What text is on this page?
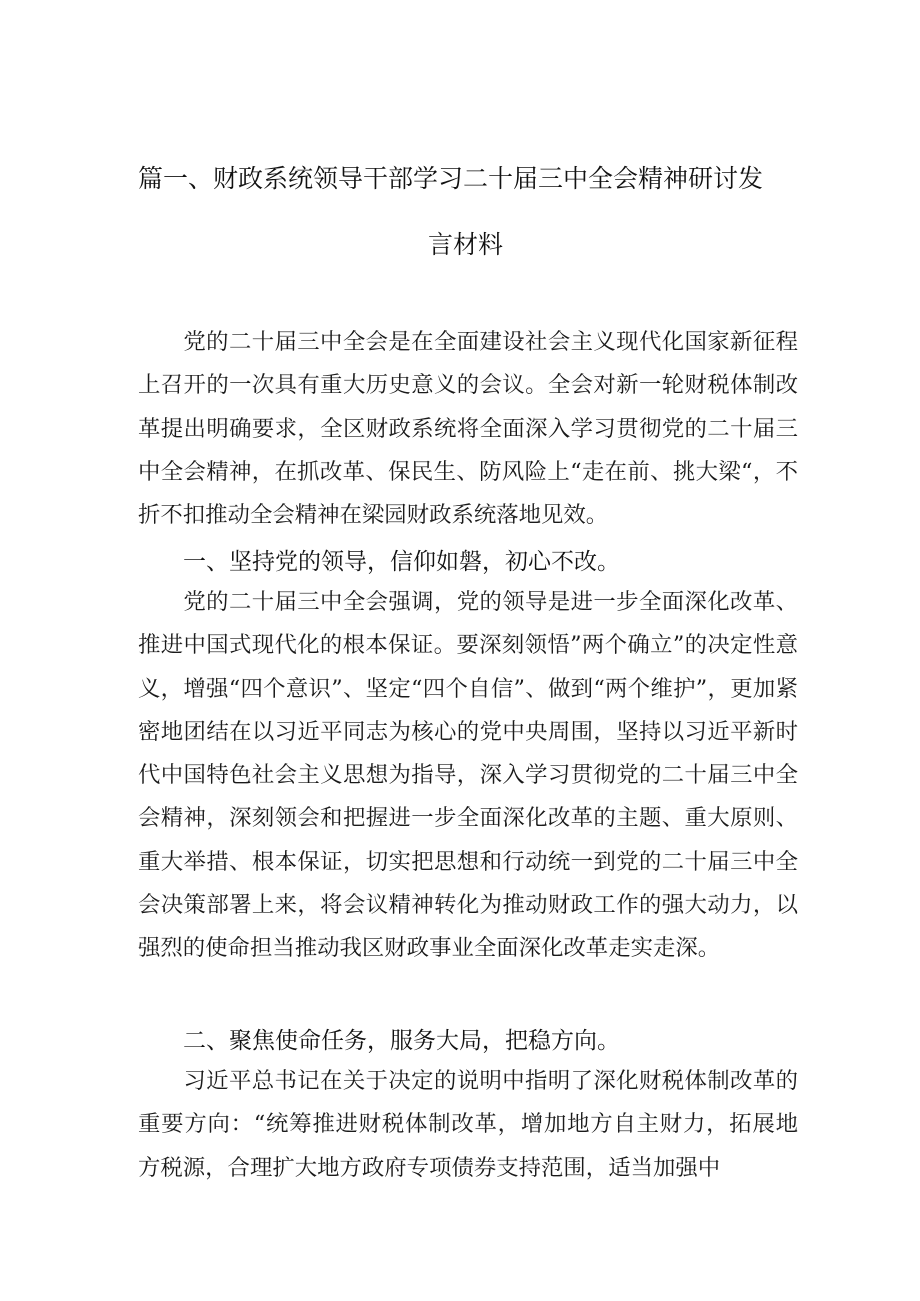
篇一、财政系统领导干部学习二十届三中全会精神研讨发
言材料

党的二十届三中全会是在全面建设社会主义现代化国家新征程上召开的一次具有重大历史意义的会议。全会对新一轮财税体制改革提出明确要求，全区财政系统将全面深入学习贯彻党的二十届三中全会精神，在抓改革、保民生、防风险上“走在前、挑大梁“，不折不扣推动全会精神在梁园财政系统落地见效。

一、坚持党的领导，信仰如磐，初心不改。

党的二十届三中全会强调，党的领导是进一步全面深化改革、推进中国式现代化的根本保证。要深刻领悟”两个确立”的决定性意义，增强“四个意识”、坚定“四个自信”、做到“两个维护”，更加紧密地团结在以习近平同志为核心的党中央周围，坚持以习近平新时代中国特色社会主义思想为指导，深入学习贯彻党的二十届三中全会精神，深刻领会和把握进一步全面深化改革的主题、重大原则、重大举措、根本保证，切实把思想和行动统一到党的二十届三中全会决策部署上来，将会议精神转化为推动财政工作的强大动力，以强烈的使命担当推动我区财政事业全面深化改革走实走深。

二、聚焦使命任务，服务大局，把稳方向。

习近平总书记在关于决定的说明中指明了深化财税体制改革的重要方向：“统筹推进财税体制改革，增加地方自主财力，拓展地方税源，合理扩大地方政府专项债券支持范围，适当加强中
